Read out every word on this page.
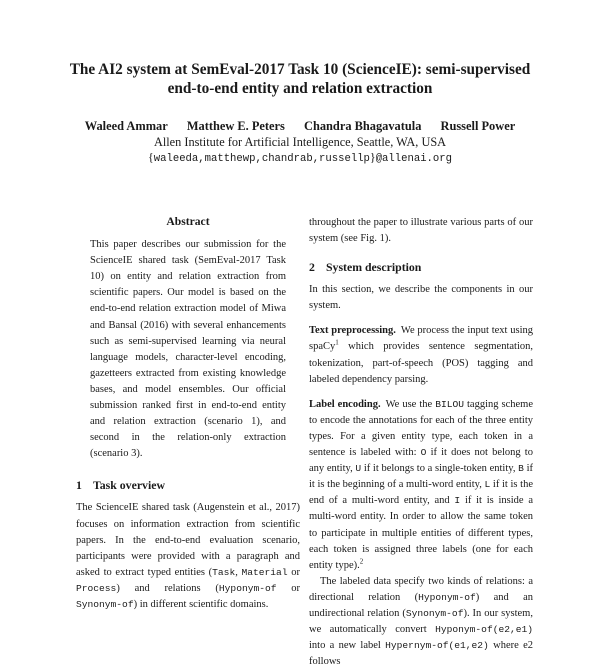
The AI2 system at SemEval-2017 Task 10 (ScienceIE): semi-supervised
end-to-end entity and relation extraction
Waleed Ammar Matthew E. Peters Chandra Bhagavatula Russell Power
Allen Institute for Artificial Intelligence, Seattle, WA, USA
{waleeda,matthewp,chandrab,russellp}@allenai.org
Abstract

This paper describes our submission for the ScienceIE shared task (SemEval-2017 Task 10) on entity and relation extraction from scientific papers. Our model is based on the end-to-end relation extraction model of Miwa and Bansal (2016) with several enhancements such as semi-supervised learning via neural language models, character-level encoding, gazetteers extracted from existing knowledge bases, and model ensembles. Our official submission ranked first in end-to-end entity and relation extraction (scenario 1), and second in the relation-only extraction (scenario 3).

1 Task overview

The ScienceIE shared task (Augenstein et al., 2017) focuses on information extraction from scientific papers. In the end-to-end evaluation scenario, participants were provided with a paragraph and asked to extract typed entities (Task, Material or Process) and relations (Hyponym-of or Synonym-of) in different scientific domains.

throughout the paper to illustrate various parts of our system (see Fig. 1).

2 System description

In this section, we describe the components in our system.

Text preprocessing. We process the input text using spaCy$^1$ which provides sentence segmentation, tokenization, part-of-speech (POS) tagging and labeled dependency parsing.

Label encoding. We use the BILOU tagging scheme to encode the annotations for each of the three entity types. For a given entity type, each token in a sentence is labeled with: O if it does not belong to any entity, U if it belongs to a single-token entity, B if it is the beginning of a multi-word entity, L if it is the end of a multi-word entity, and I if it is inside a multi-word entity. In order to allow the same token to participate in multiple entities of different types, each token is assigned three labels (one for each entity type).$^2$

The labeled data specify two kinds of relations: a directional relation (Hyponym-of) and an undirectional relation (Synonym-of). In our system, we automatically convert Hyponym-of(e2,e1) into a new label Hypernym-of(e1,e2) where e2 follows
